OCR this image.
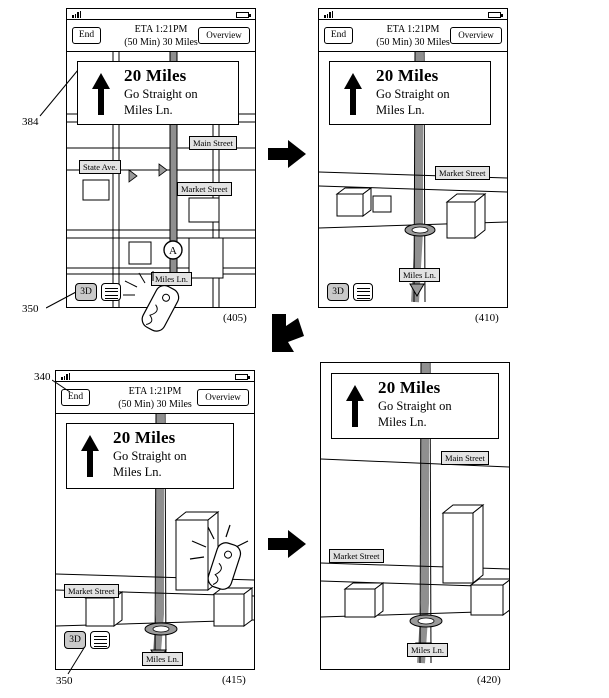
End	ETA 1:21PM
(50 Min) 30 Miles
Overview
A
Main Street
State Ave.
Market Street
Miles Ln.
20 Miles
Go Straight on
Miles Ln.
3D
(405)
384
350
End	ETA 1:21PM
(50 Min) 30 Miles
Overview
Market Street
Miles Ln.
20 Miles
Go Straight on
Miles Ln.
3D
(410)
End	ETA 1:21PM
(50 Min) 30 Miles
Overview
Market Street
Miles Ln.
20 Miles
Go Straight on
Miles Ln.
3D
(415)
340
350
Main Street
Market Street
Miles Ln.
20 Miles
Go Straight on
Miles Ln.
(420)
